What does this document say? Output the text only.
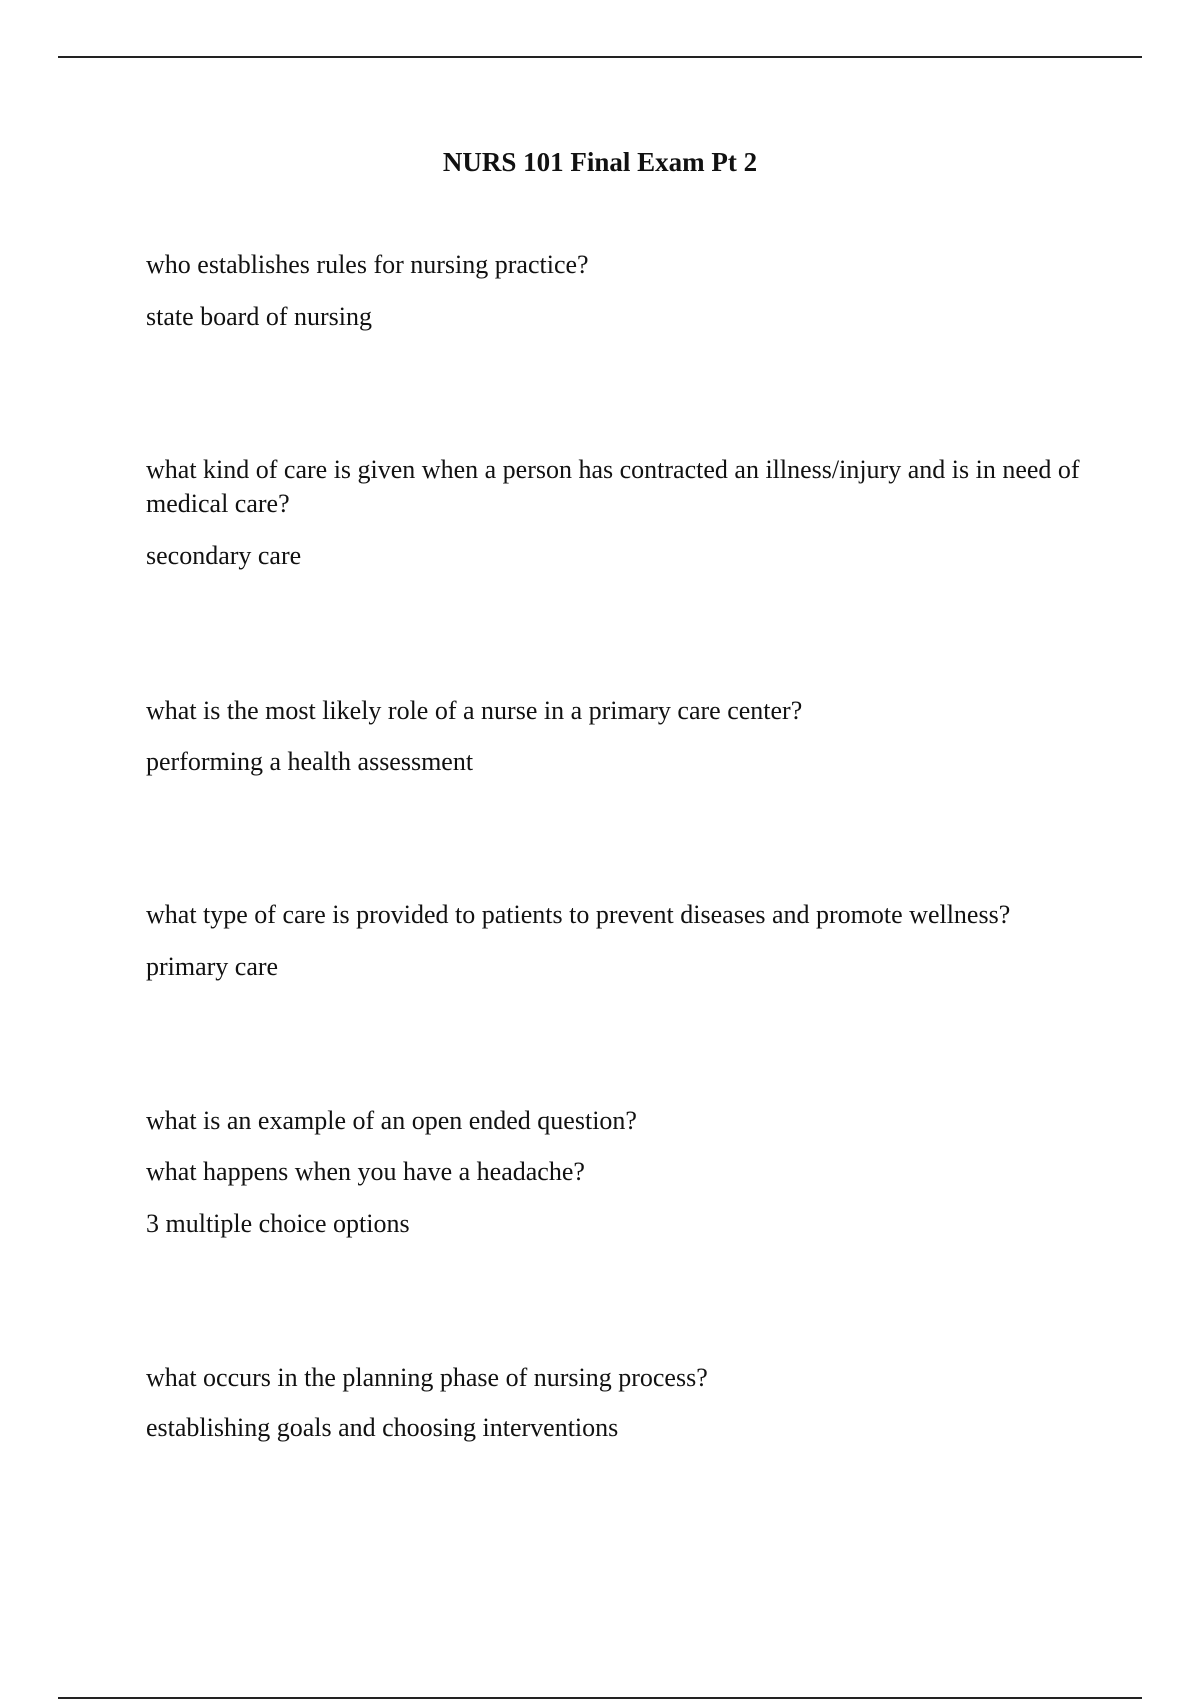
NURS 101 Final Exam Pt 2
who establishes rules for nursing practice?
state board of nursing
what kind of care is given when a person has contracted an illness/injury and is in need of medical care?
secondary care
what is the most likely role of a nurse in a primary care center?
performing a health assessment
what type of care is provided to patients to prevent diseases and promote wellness?
primary care
what is an example of an open ended question?
what happens when you have a headache?
3 multiple choice options
what occurs in the planning phase of nursing process?
establishing goals and choosing interventions
